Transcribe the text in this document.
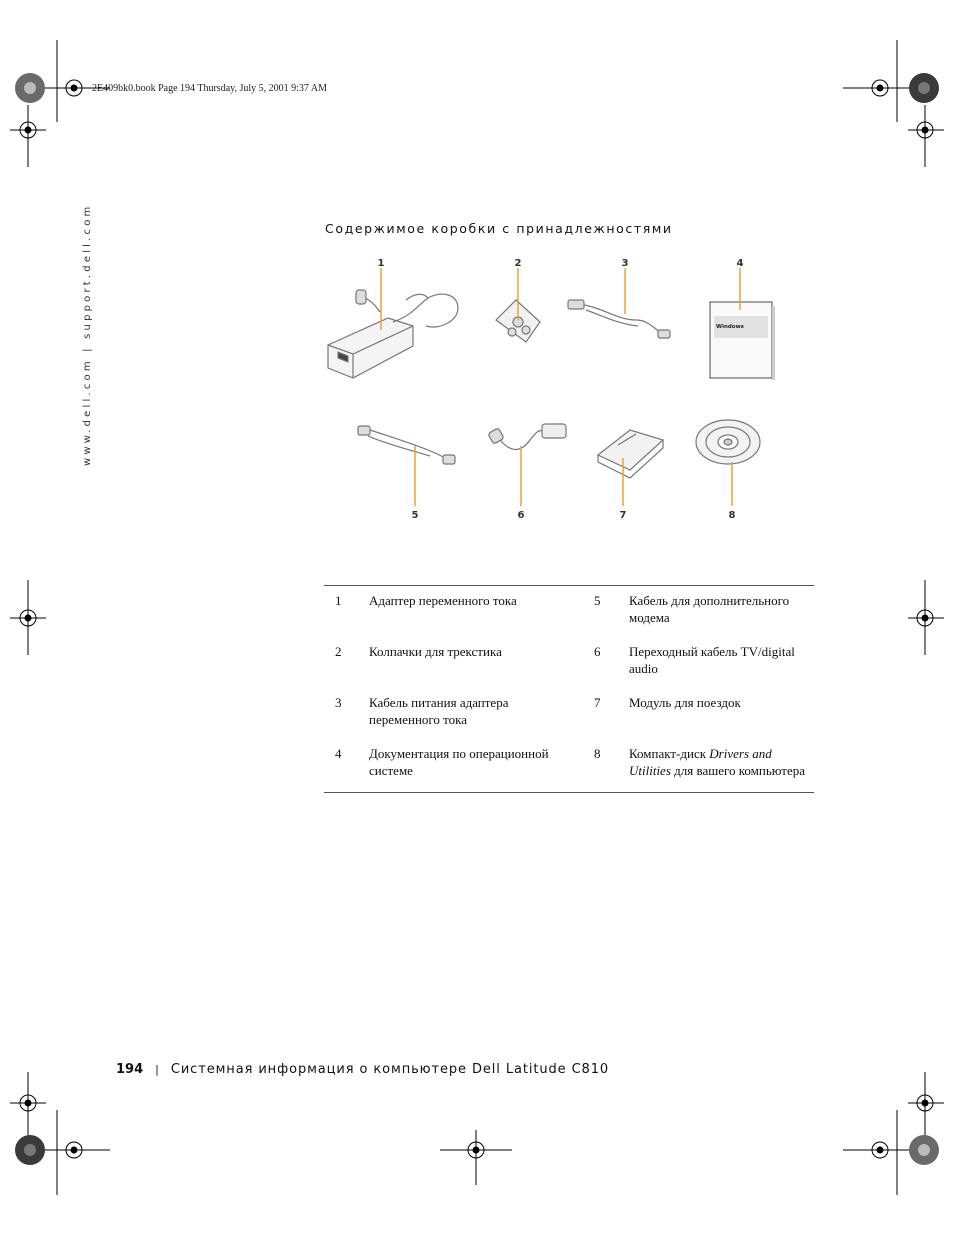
2E409bk0.book Page 194 Thursday, July 5, 2001 9:37 AM
www.dell.com | support.dell.com	Содержимое коробки с принадлежностями
1	2	3	4
5	6	7	8
Windows
1	Адаптер переменного тока	5	Кабель для дополнительного модема
2	Колпачки для трекстика	6	Переходный кабель TV/digital audio
3	Кабель питания адаптера переменного тока	7	Модуль для поездок
4	Документация по операционной системе	8	Компакт-диск Drivers and Utilities для вашего компьютера
194 | Системная информация о компьютере Dell Latitude C810
